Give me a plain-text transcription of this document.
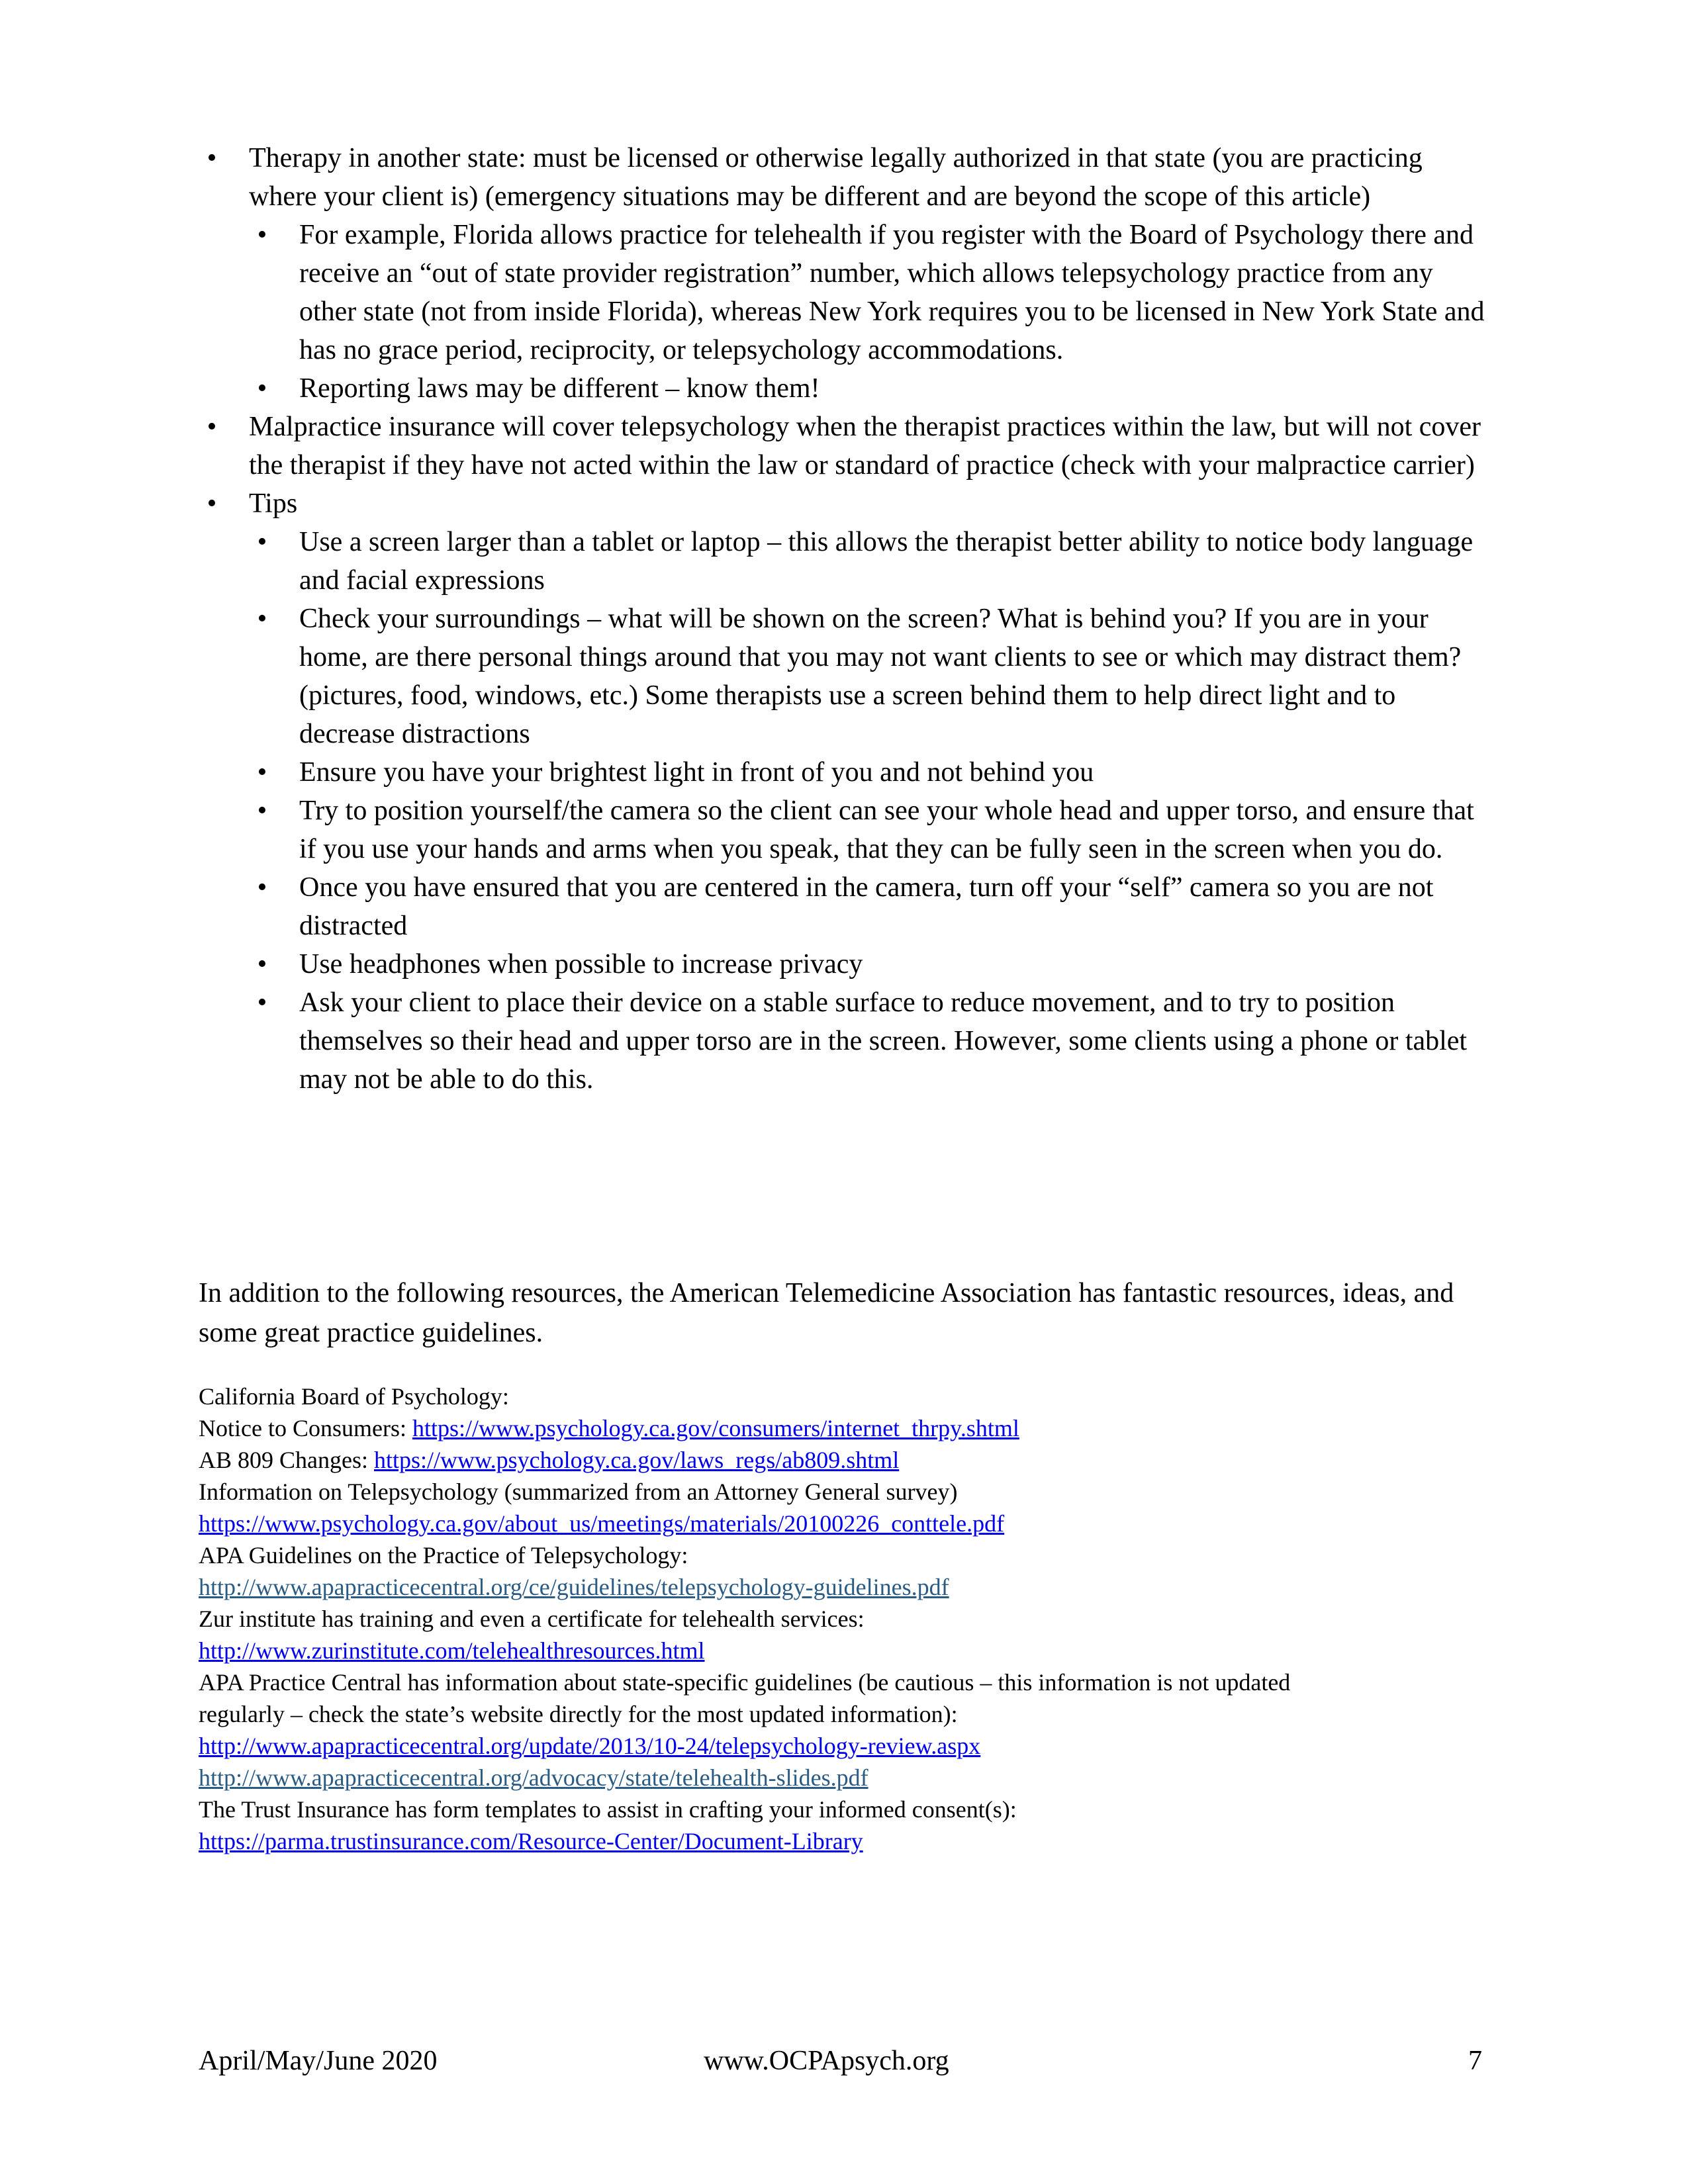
•	Therapy in another state: must be licensed or otherwise legally authorized in that state (you are practicing where your client is) (emergency situations may be different and are beyond the scope of this article)
•	For example, Florida allows practice for telehealth if you register with the Board of Psychology there and receive an “out of state provider registration” number, which allows telepsychology practice from any other state (not from inside Florida), whereas New York requires you to be licensed in New York State and has no grace period, reciprocity, or telepsychology accommodations.
•	Reporting laws may be different – know them!
•	Malpractice insurance will cover telepsychology when the therapist practices within the law, but will not cover the therapist if they have not acted within the law or standard of practice (check with your malpractice carrier)
•	Tips
•	Use a screen larger than a tablet or laptop – this allows the therapist better ability to notice body language and facial expressions
•	Check your surroundings – what will be shown on the screen? What is behind you? If you are in your home, are there personal things around that you may not want clients to see or which may distract them? (pictures, food, windows, etc.) Some therapists use a screen behind them to help direct light and to decrease distractions
•	Ensure you have your brightest light in front of you and not behind you
•	Try to position yourself/the camera so the client can see your whole head and upper torso, and ensure that if you use your hands and arms when you speak, that they can be fully seen in the screen when you do.
•	Once you have ensured that you are centered in the camera, turn off your “self” camera so you are not distracted
•	Use headphones when possible to increase privacy
•	Ask your client to place their device on a stable surface to reduce movement, and to try to position themselves so their head and upper torso are in the screen. However, some clients using a phone or tablet may not be able to do this.

In addition to the following resources, the American Telemedicine Association has fantastic resources, ideas, and some great practice guidelines.

California Board of Psychology:
Notice to Consumers: https://www.psychology.ca.gov/consumers/internet_thrpy.shtml
AB 809 Changes: https://www.psychology.ca.gov/laws_regs/ab809.shtml
Information on Telepsychology (summarized from an Attorney General survey)
https://www.psychology.ca.gov/about_us/meetings/materials/20100226_conttele.pdf
APA Guidelines on the Practice of Telepsychology:
http://www.apapracticecentral.org/ce/guidelines/telepsychology-guidelines.pdf
Zur institute has training and even a certificate for telehealth services:
http://www.zurinstitute.com/telehealthresources.html
APA Practice Central has information about state-specific guidelines (be cautious – this information is not updated
regularly – check the state’s website directly for the most updated information):
http://www.apapracticecentral.org/update/2013/10-24/telepsychology-review.aspx
http://www.apapracticecentral.org/advocacy/state/telehealth-slides.pdf
The Trust Insurance has form templates to assist in crafting your informed consent(s):
https://parma.trustinsurance.com/Resource-Center/Document-Library
April/May/June 2020	www.OCPApsych.org	7
